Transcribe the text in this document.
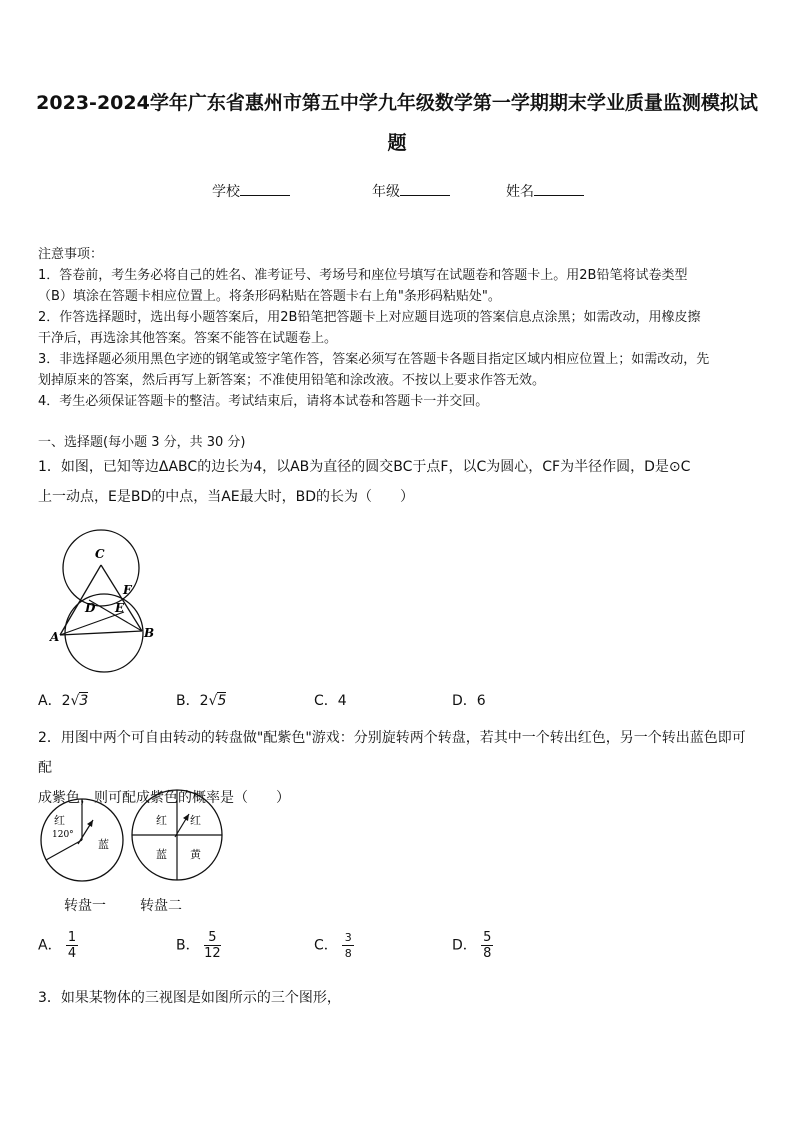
2023-2024学年广东省惠州市第五中学九年级数学第一学期期末学业质量监测模拟试
题
学校	年级	姓名
注意事项：
1．答卷前，考生务必将自己的姓名、准考证号、考场号和座位号填写在试题卷和答题卡上。用2B铅笔将试卷类型
（B）填涂在答题卡相应位置上。将条形码粘贴在答题卡右上角"条形码粘贴处"。
2．作答选择题时，选出每小题答案后，用2B铅笔把答题卡上对应题目选项的答案信息点涂黑；如需改动，用橡皮擦
干净后，再选涂其他答案。答案不能答在试题卷上。
3．非选择题必须用黑色字迹的钢笔或签字笔作答，答案必须写在答题卡各题目指定区域内相应位置上；如需改动，先
划掉原来的答案，然后再写上新答案；不准使用铅笔和涂改液。不按以上要求作答无效。
4．考生必须保证答题卡的整洁。考试结束后，请将本试卷和答题卡一并交回。
一、选择题(每小题 3 分，共 30 分)
1．如图，已知等边ΔABC的边长为4，以AB为直径的圆交BC于点F，以C为圆心，CF为半径作圆，D是⊙C
上一动点，E是BD的中点，当AE最大时，BD的长为（　　）
C
F
D E
A	B
A．2√3	B．2√5	C．4	D．6
2．用图中两个可自由转动的转盘做"配紫色"游戏：分别旋转两个转盘，若其中一个转出红色，另一个转出蓝色即可配
成紫色，则可配成紫色的概率是（　　）
红
120°
蓝
红 红
蓝 黄
转盘一 转盘二
A． $\frac{1}{4}$	B． $\frac{5}{12}$	C． $\frac{3}{8}$	D． $\frac{5}{8}$
3．如果某物体的三视图是如图所示的三个图形，
